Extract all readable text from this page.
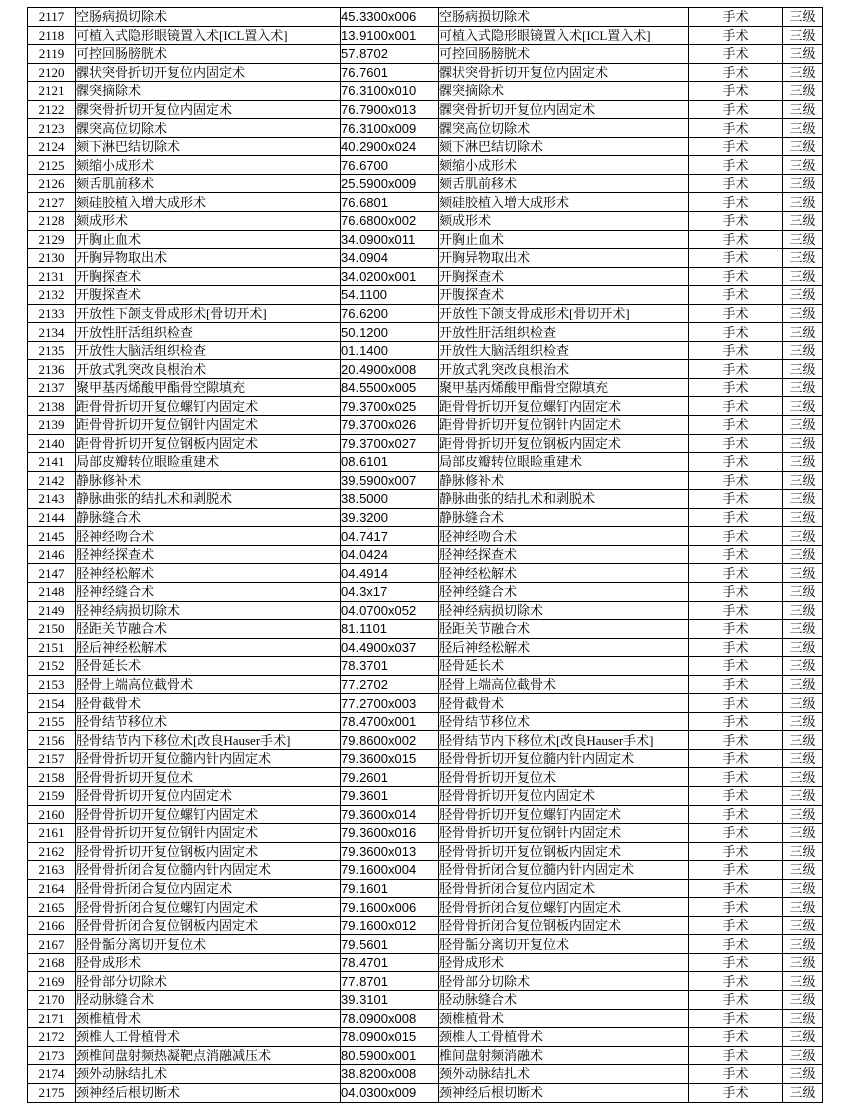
2117	空肠病损切除术	45.3300x006	空肠病损切除术	手术	三级
2118	可植入式隐形眼镜置入术[ICL置入术]	13.9100x001	可植入式隐形眼镜置入术[ICL置入术]	手术	三级
2119	可控回肠膀胱术	57.8702	可控回肠膀胱术	手术	三级
2120	髁状突骨折切开复位内固定术	76.7601	髁状突骨折切开复位内固定术	手术	三级
2121	髁突摘除术	76.3100x010	髁突摘除术	手术	三级
2122	髁突骨折切开复位内固定术	76.7900x013	髁突骨折切开复位内固定术	手术	三级
2123	髁突高位切除术	76.3100x009	髁突高位切除术	手术	三级
2124	颏下淋巴结切除术	40.2900x024	颏下淋巴结切除术	手术	三级
2125	颏缩小成形术	76.6700	颏缩小成形术	手术	三级
2126	颏舌肌前移术	25.5900x009	颏舌肌前移术	手术	三级
2127	颏硅胶植入增大成形术	76.6801	颏硅胶植入增大成形术	手术	三级
2128	颏成形术	76.6800x002	颏成形术	手术	三级
2129	开胸止血术	34.0900x011	开胸止血术	手术	三级
2130	开胸异物取出术	34.0904	开胸异物取出术	手术	三级
2131	开胸探查术	34.0200x001	开胸探查术	手术	三级
2132	开腹探查术	54.1100	开腹探查术	手术	三级
2133	开放性下颌支骨成形术[骨切开术]	76.6200	开放性下颌支骨成形术[骨切开术]	手术	三级
2134	开放性肝活组织检查	50.1200	开放性肝活组织检查	手术	三级
2135	开放性大脑活组织检查	01.1400	开放性大脑活组织检查	手术	三级
2136	开放式乳突改良根治术	20.4900x008	开放式乳突改良根治术	手术	三级
2137	聚甲基丙烯酸甲酯骨空隙填充	84.5500x005	聚甲基丙烯酸甲酯骨空隙填充	手术	三级
2138	距骨骨折切开复位螺钉内固定术	79.3700x025	距骨骨折切开复位螺钉内固定术	手术	三级
2139	距骨骨折切开复位钢针内固定术	79.3700x026	距骨骨折切开复位钢针内固定术	手术	三级
2140	距骨骨折切开复位钢板内固定术	79.3700x027	距骨骨折切开复位钢板内固定术	手术	三级
2141	局部皮瓣转位眼睑重建术	08.6101	局部皮瓣转位眼睑重建术	手术	三级
2142	静脉修补术	39.5900x007	静脉修补术	手术	三级
2143	静脉曲张的结扎术和剥脱术	38.5000	静脉曲张的结扎术和剥脱术	手术	三级
2144	静脉缝合术	39.3200	静脉缝合术	手术	三级
2145	胫神经吻合术	04.7417	胫神经吻合术	手术	三级
2146	胫神经探查术	04.0424	胫神经探查术	手术	三级
2147	胫神经松解术	04.4914	胫神经松解术	手术	三级
2148	胫神经缝合术	04.3x17	胫神经缝合术	手术	三级
2149	胫神经病损切除术	04.0700x052	胫神经病损切除术	手术	三级
2150	胫距关节融合术	81.1101	胫距关节融合术	手术	三级
2151	胫后神经松解术	04.4900x037	胫后神经松解术	手术	三级
2152	胫骨延长术	78.3701	胫骨延长术	手术	三级
2153	胫骨上端高位截骨术	77.2702	胫骨上端高位截骨术	手术	三级
2154	胫骨截骨术	77.2700x003	胫骨截骨术	手术	三级
2155	胫骨结节移位术	78.4700x001	胫骨结节移位术	手术	三级
2156	胫骨结节内下移位术[改良Hauser手术]	79.8600x002	胫骨结节内下移位术[改良Hauser手术]	手术	三级
2157	胫骨骨折切开复位髓内针内固定术	79.3600x015	胫骨骨折切开复位髓内针内固定术	手术	三级
2158	胫骨骨折切开复位术	79.2601	胫骨骨折切开复位术	手术	三级
2159	胫骨骨折切开复位内固定术	79.3601	胫骨骨折切开复位内固定术	手术	三级
2160	胫骨骨折切开复位螺钉内固定术	79.3600x014	胫骨骨折切开复位螺钉内固定术	手术	三级
2161	胫骨骨折切开复位钢针内固定术	79.3600x016	胫骨骨折切开复位钢针内固定术	手术	三级
2162	胫骨骨折切开复位钢板内固定术	79.3600x013	胫骨骨折切开复位钢板内固定术	手术	三级
2163	胫骨骨折闭合复位髓内针内固定术	79.1600x004	胫骨骨折闭合复位髓内针内固定术	手术	三级
2164	胫骨骨折闭合复位内固定术	79.1601	胫骨骨折闭合复位内固定术	手术	三级
2165	胫骨骨折闭合复位螺钉内固定术	79.1600x006	胫骨骨折闭合复位螺钉内固定术	手术	三级
2166	胫骨骨折闭合复位钢板内固定术	79.1600x012	胫骨骨折闭合复位钢板内固定术	手术	三级
2167	胫骨骺分离切开复位术	79.5601	胫骨骺分离切开复位术	手术	三级
2168	胫骨成形术	78.4701	胫骨成形术	手术	三级
2169	胫骨部分切除术	77.8701	胫骨部分切除术	手术	三级
2170	胫动脉缝合术	39.3101	胫动脉缝合术	手术	三级
2171	颈椎植骨术	78.0900x008	颈椎植骨术	手术	三级
2172	颈椎人工骨植骨术	78.0900x015	颈椎人工骨植骨术	手术	三级
2173	颈椎间盘射频热凝靶点消融减压术	80.5900x001	椎间盘射频消融术	手术	三级
2174	颈外动脉结扎术	38.8200x008	颈外动脉结扎术	手术	三级
2175	颈神经后根切断术	04.0300x009	颈神经后根切断术	手术	三级
